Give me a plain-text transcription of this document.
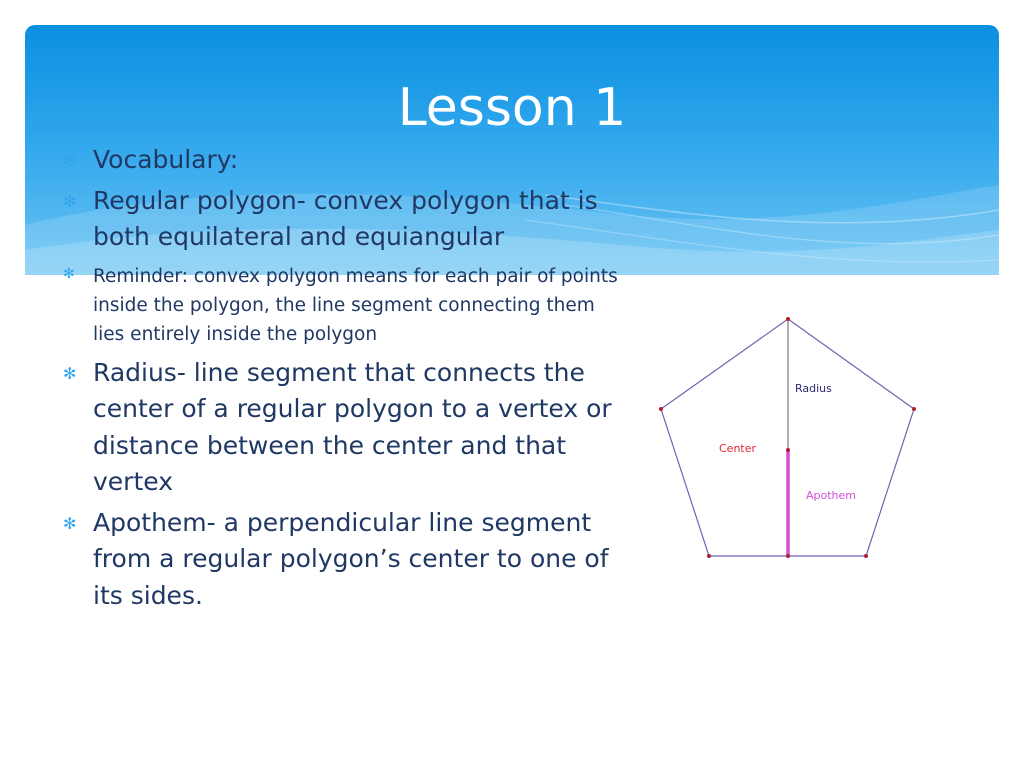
Lesson 1
✻ Vocabulary:
✻ Regular polygon- convex polygon that is both equilateral and equiangular
✻ Reminder: convex polygon means for each pair of points inside the polygon, the line segment connecting them lies entirely inside the polygon
✻ Radius- line segment that connects the center of a regular polygon to a vertex or distance between the center and that vertex
✻ Apothem- a perpendicular line segment from a regular polygon’s center to one of its sides.
Radius
Center
Apothem
